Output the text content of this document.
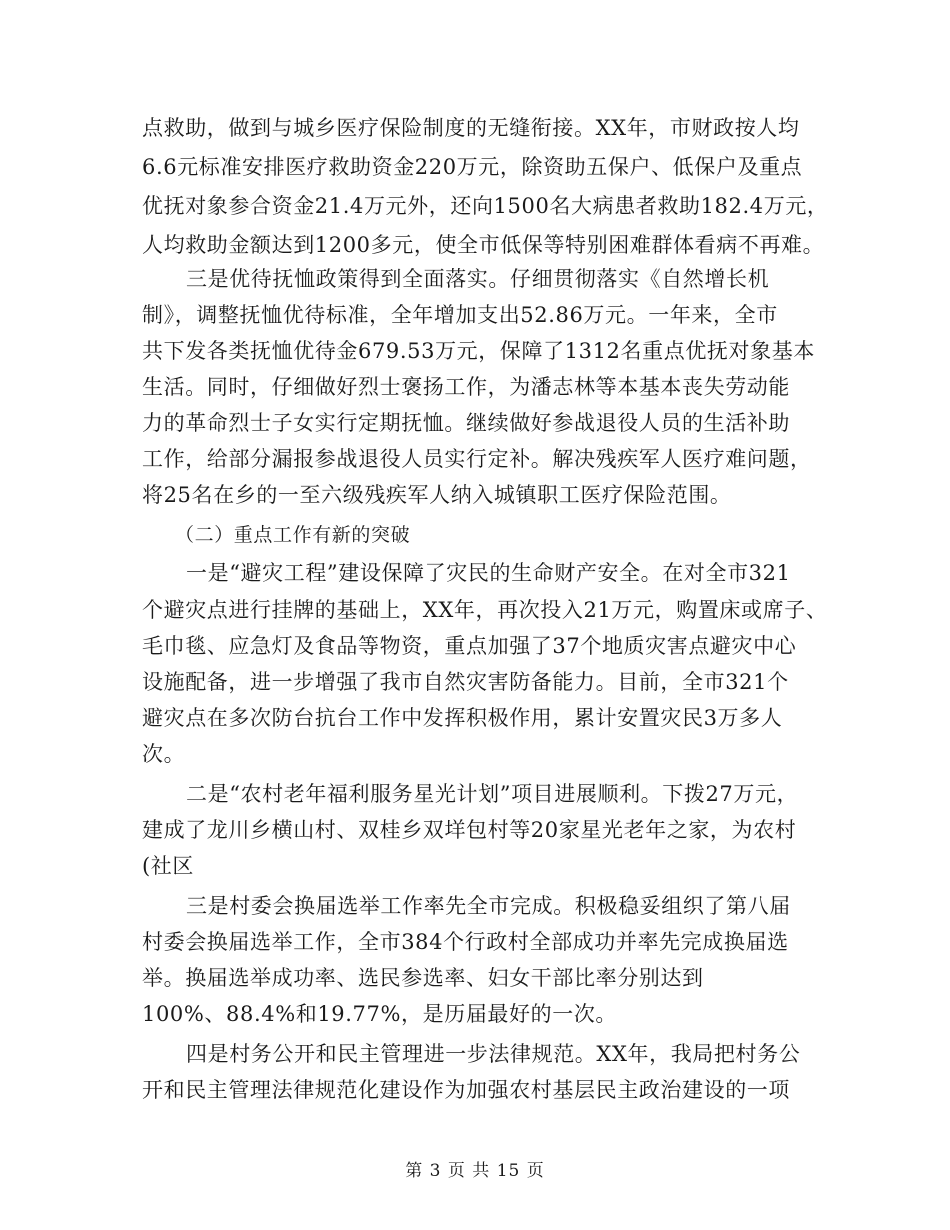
点救助，做到与城乡医疗保险制度的无缝衔接。XX年，市财政按人均
6.6元标准安排医疗救助资金220万元，除资助五保户、低保户及重点
优抚对象参合资金21.4万元外，还向1500名大病患者救助182.4万元，
人均救助金额达到1200多元，使全市低保等特别困难群体看病不再难。
三是优待抚恤政策得到全面落实。仔细贯彻落实《自然增长机
制》，调整抚恤优待标准，全年增加支出52.86万元。一年来，全市
共下发各类抚恤优待金679.53万元，保障了1312名重点优抚对象基本
生活。同时，仔细做好烈士褒扬工作，为潘志林等本基本丧失劳动能
力的革命烈士子女实行定期抚恤。继续做好参战退役人员的生活补助
工作，给部分漏报参战退役人员实行定补。解决残疾军人医疗难问题，
将25名在乡的一至六级残疾军人纳入城镇职工医疗保险范围。
（二）重点工作有新的突破
一是“避灾工程”建设保障了灾民的生命财产安全。在对全市321
个避灾点进行挂牌的基础上，XX年，再次投入21万元，购置床或席子、
毛巾毯、应急灯及食品等物资，重点加强了37个地质灾害点避灾中心
设施配备，进一步增强了我市自然灾害防备能力。目前，全市321个
避灾点在多次防台抗台工作中发挥积极作用，累计安置灾民3万多人
次。
二是“农村老年福利服务星光计划”项目进展顺利。下拨27万元，
建成了龙川乡横山村、双桂乡双垟包村等20家星光老年之家，为农村
(社区
三是村委会换届选举工作率先全市完成。积极稳妥组织了第八届
村委会换届选举工作，全市384个行政村全部成功并率先完成换届选
举。换届选举成功率、选民参选率、妇女干部比率分别达到
100%、88.4%和19.77%，是历届最好的一次。
四是村务公开和民主管理进一步法律规范。XX年，我局把村务公
开和民主管理法律规范化建设作为加强农村基层民主政治建设的一项
第 3 页 共 15 页
